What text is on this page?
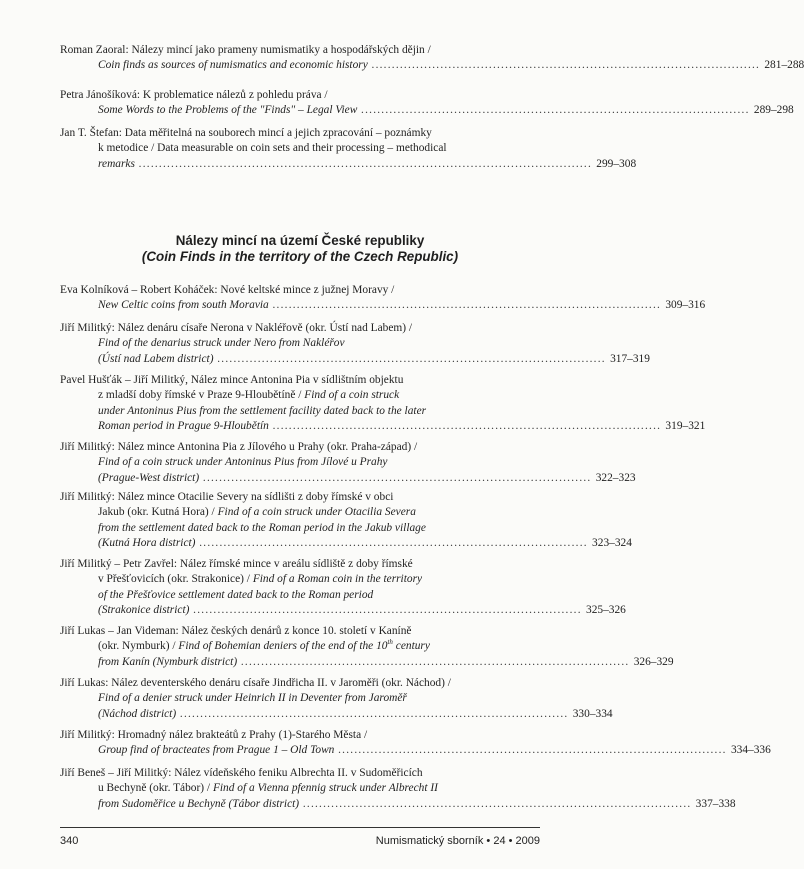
Roman Zaoral: Nálezy mincí jako prameny numismatiky a hospodářských dějin /
Coin finds as sources of numismatics and economic history ................................................................................................ 281–288
Petra Jánošíková: K problematice nálezů z pohledu práva /
Some Words to the Problems of the "Finds" – Legal View ................................................................................................ 289–298
Jan T. Štefan: Data měřitelná na souborech mincí a jejich zpracování – poznámky
k metodice / Data measurable on coin sets and their processing – methodical
remarks ................................................................................................................ 299–308
Nálezy mincí na území České republiky
(Coin Finds in the territory of the Czech Republic)
Eva Kolníková – Robert Koháček: Nové keltské mince z južnej Moravy /
New Celtic coins from south Moravia ................................................................................................ 309–316
Jiří Militký: Nález denáru císaře Nerona v Nakléřově (okr. Ústí nad Labem) /
Find of the denarius struck under Nero from Nakléřov
(Ústí nad Labem district) ................................................................................................ 317–319
Pavel Hušťák – Jiří Militký, Nález mince Antonina Pia v sídlištním objektu
z mladší doby římské v Praze 9-Hloubětíně / Find of a coin struck
under Antoninus Pius from the settlement facility dated back to the later
Roman period in Prague 9-Hloubětín ................................................................................................ 319–321
Jiří Militký: Nález mince Antonina Pia z Jílového u Prahy (okr. Praha-západ) /
Find of a coin struck under Antoninus Pius from Jílové u Prahy
(Prague-West district) ................................................................................................ 322–323
Jiří Militký: Nález mince Otacilie Severy na sídlišti z doby římské v obci
Jakub (okr. Kutná Hora) / Find of a coin struck under Otacilia Severa
from the settlement dated back to the Roman period in the Jakub village
(Kutná Hora district) ................................................................................................ 323–324
Jiří Militký – Petr Zavřel: Nález římské mince v areálu sídliště z doby římské
v Přešťovicích (okr. Strakonice) / Find of a Roman coin in the territory
of the Přešťovice settlement dated back to the Roman period
(Strakonice district) ................................................................................................ 325–326
Jiří Lukas – Jan Videman: Nález českých denárů z konce 10. století v Kaníně
(okr. Nymburk) / Find of Bohemian deniers of the end of the 10th century
from Kanín (Nymburk district) ................................................................................................ 326–329
Jiří Lukas: Nález deventerského denáru císaře Jindřicha II. v Jaroměři (okr. Náchod) /
Find of a denier struck under Heinrich II in Deventer from Jaroměř
(Náchod district) ................................................................................................ 330–334
Jiří Militký: Hromadný nález brakteátů z Prahy (1)-Starého Města /
Group find of bracteates from Prague 1 – Old Town ................................................................................................ 334–336
Jiří Beneš – Jiří Militký: Nález vídeňského feniku Albrechta II. v Sudoměřicích
u Bechyně (okr. Tábor) / Find of a Vienna pfennig struck under Albrecht II
from Sudoměřice u Bechyně (Tábor district) ................................................................................................ 337–338
340	Numismatický sborník • 24 • 2009
